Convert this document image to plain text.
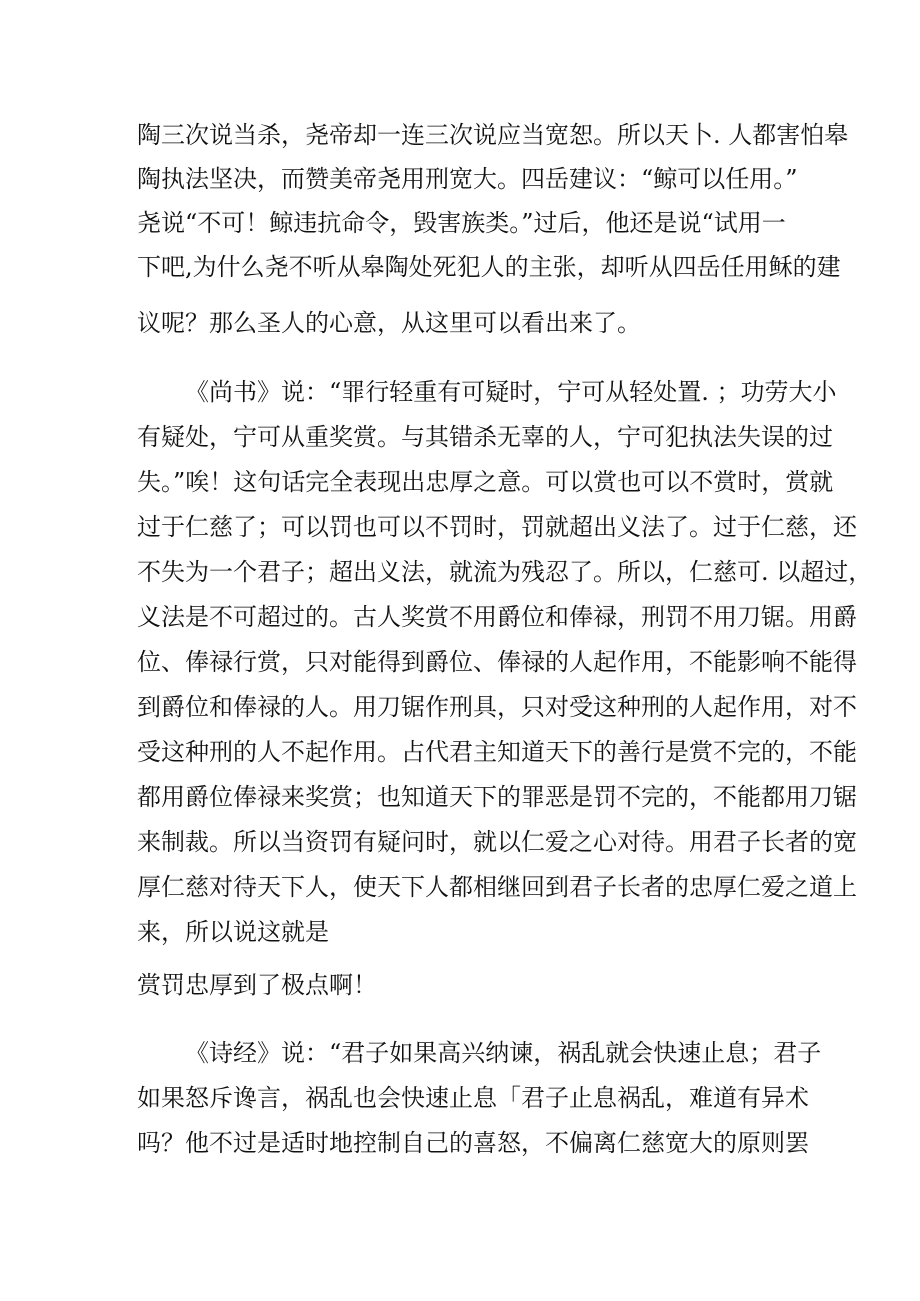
陶三次说当杀，尧帝却一连三次说应当宽恕。所以天卜. 人都害怕皋

陶执法坚决，而赞美帝尧用刑宽大。四岳建议：“鲸可以任用。”

尧说“不可！鲸违抗命令，毁害族类。”过后，他还是说“试用一

下吧,为什么尧不听从皋陶处死犯人的主张，却听从四岳任用稣的建

议呢？那么圣人的心意，从这里可以看出来了。

《尚书》说：“罪行轻重有可疑时，宁可从轻处置. ；功劳大小

有疑处，宁可从重奖赏。与其错杀无辜的人，宁可犯执法失误的过

失。”唉！这句话完全表现出忠厚之意。可以赏也可以不赏时，赏就

过于仁慈了；可以罚也可以不罚时，罚就超出义法了。过于仁慈，还

不失为一个君子；超出义法，就流为残忍了。所以，仁慈可. 以超过，

义法是不可超过的。古人奖赏不用爵位和俸禄，刑罚不用刀锯。用爵

位、俸禄行赏，只对能得到爵位、俸禄的人起作用，不能影响不能得

到爵位和俸禄的人。用刀锯作刑具，只对受这种刑的人起作用，对不

受这种刑的人不起作用。占代君主知道天下的善行是赏不完的，不能

都用爵位俸禄来奖赏；也知道天下的罪恶是罚不完的，不能都用刀锯

来制裁。所以当资罚有疑问时，就以仁爱之心对待。用君子长者的宽

厚仁慈对待天下人，使天下人都相继回到君子长者的忠厚仁爱之道上

来，所以说这就是

赏罚忠厚到了极点啊！

《诗经》说：“君子如果高兴纳谏，祸乱就会快速止息；君子

如果怒斥谗言，祸乱也会快速止息「君子止息祸乱，难道有异术

吗？他不过是适时地控制自己的喜怒，不偏离仁慈宽大的原则罢
